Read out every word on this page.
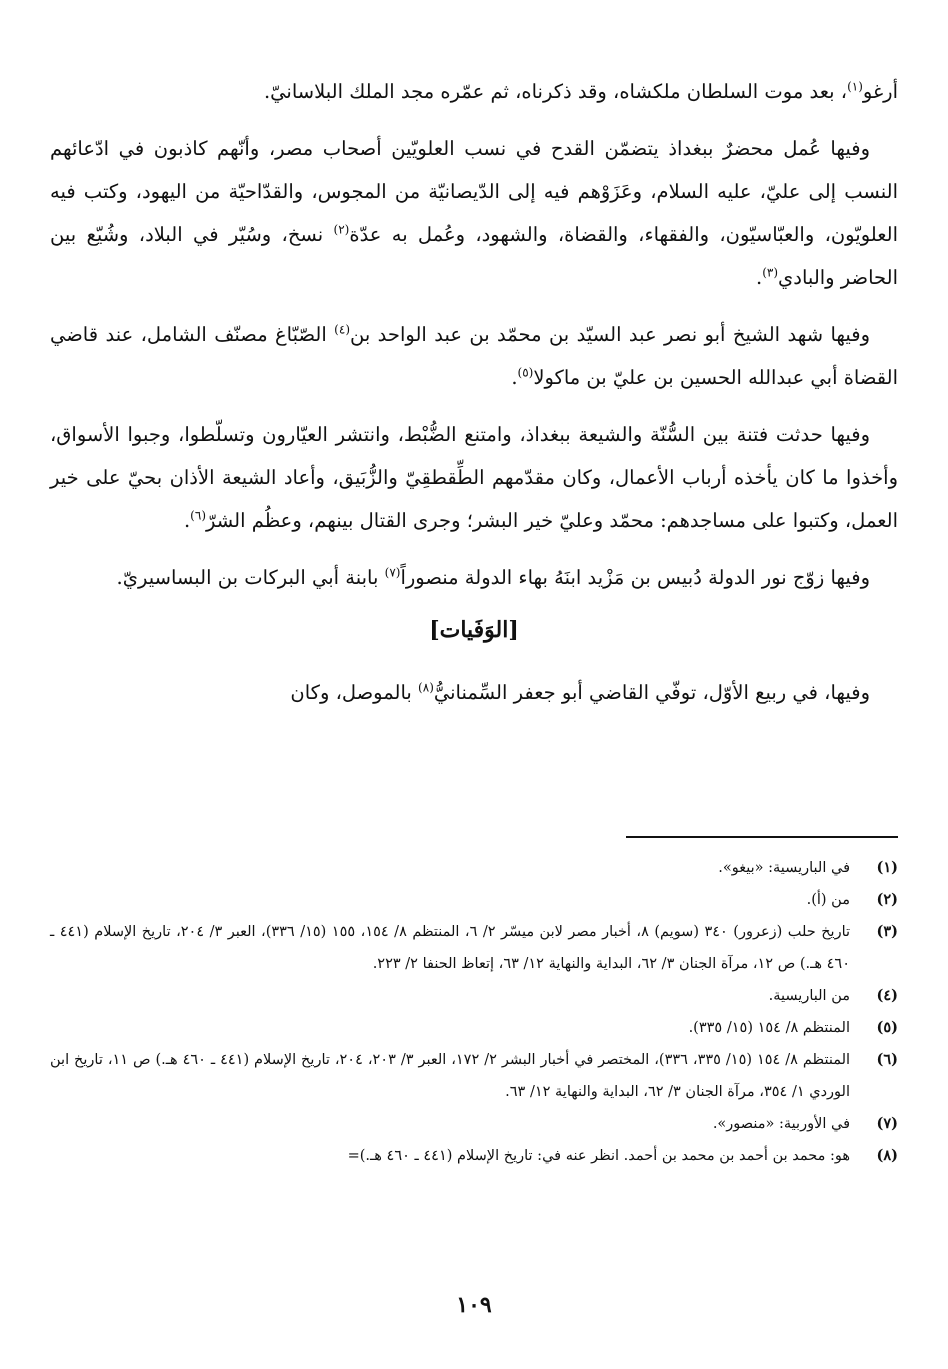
أرغو$^{(١)}$، بعد موت السلطان ملكشاه، وقد ذكرناه، ثم عمّره مجد الملك البلاسانيّ.

وفيها عُمل محضرٌ ببغداذ يتضمّن القدح في نسب العلويّين أصحاب مصر، وأنّهم كاذبون في ادّعائهم النسب إلى عليّ، عليه السلام، وعَزَوْهم فيه إلى الدّيصانيّة من المجوس، والقدّاحيّة من اليهود، وكتب فيه العلويّون، والعبّاسيّون، والفقهاء، والقضاة، والشهود، وعُمل به عدّة$^{(٢)}$ نسخ، وسُيّر في البلاد، وشُيّع بين الحاضر والبادي$^{(٣)}$.

وفيها شهد الشيخ أبو نصر عبد السيّد بن محمّد بن عبد الواحد بن$^{(٤)}$ الصّبّاغ مصنّف الشامل، عند قاضي القضاة أبي عبدالله الحسين بن عليّ بن ماكولا$^{(٥)}$.

وفيها حدثت فتنة بين السُّنّة والشيعة ببغداذ، وامتنع الضُّبْط، وانتشر العيّارون وتسلّطوا، وجبوا الأسواق، وأخذوا ما كان يأخذه أرباب الأعمال، وكان مقدّمهم الطِّقطقِيّ والزُّبَيق، وأعاد الشيعة الأذان بحيّ على خير العمل، وكتبوا على مساجدهم: محمّد وعليّ خير البشر؛ وجرى القتال بينهم، وعظُم الشرّ$^{(٦)}$.

وفيها زوّج نور الدولة دُبيس بن مَزْيد ابنَهُ بهاء الدولة منصوراً$^{(٧)}$ بابنة أبي البركات بن البساسيريّ.

[الوَفَيات]

وفيها، في ربيع الأوّل، توفّي القاضي أبو جعفر السِّمنانيُّ$^{(٨)}$ بالموصل، وكان

(١)
في الباريسية: «بيغو».
(٢)
من (أ).
(٣)
تاريخ حلب (زعرور) ٣٤٠ (سويم) ٨، أخبار مصر لابن ميسّر ٢/ ٦، المنتظم ٨/ ١٥٤، ١٥٥ (١٥/ ٣٣٦)، العبر ٣/ ٢٠٤، تاريخ الإسلام (٤٤١ ـ ٤٦٠ هـ.) ص ١٢، مرآة الجنان ٣/ ٦٢، البداية والنهاية ١٢/ ٦٣، إتعاظ الحنفا ٢/ ٢٢٣.
(٤)
من الباريسية.
(٥)
المنتظم ٨/ ١٥٤ (١٥/ ٣٣٥).
(٦)
المنتظم ٨/ ١٥٤ (١٥/ ٣٣٥، ٣٣٦)، المختصر في أخبار البشر ٢/ ١٧٢، العبر ٣/ ٢٠٣، ٢٠٤، تاريخ الإسلام (٤٤١ ـ ٤٦٠ هـ.) ص ١١، تاريخ ابن الوردي ١/ ٣٥٤، مرآة الجنان ٣/ ٦٢، البداية والنهاية ١٢/ ٦٣.
(٧)
في الأوربية: «منصور».
(٨)
هو: محمد بن أحمد بن محمد بن أحمد. انظر عنه في: تاريخ الإسلام (٤٤١ ـ ٤٦٠ هـ.)=
١٠٩
